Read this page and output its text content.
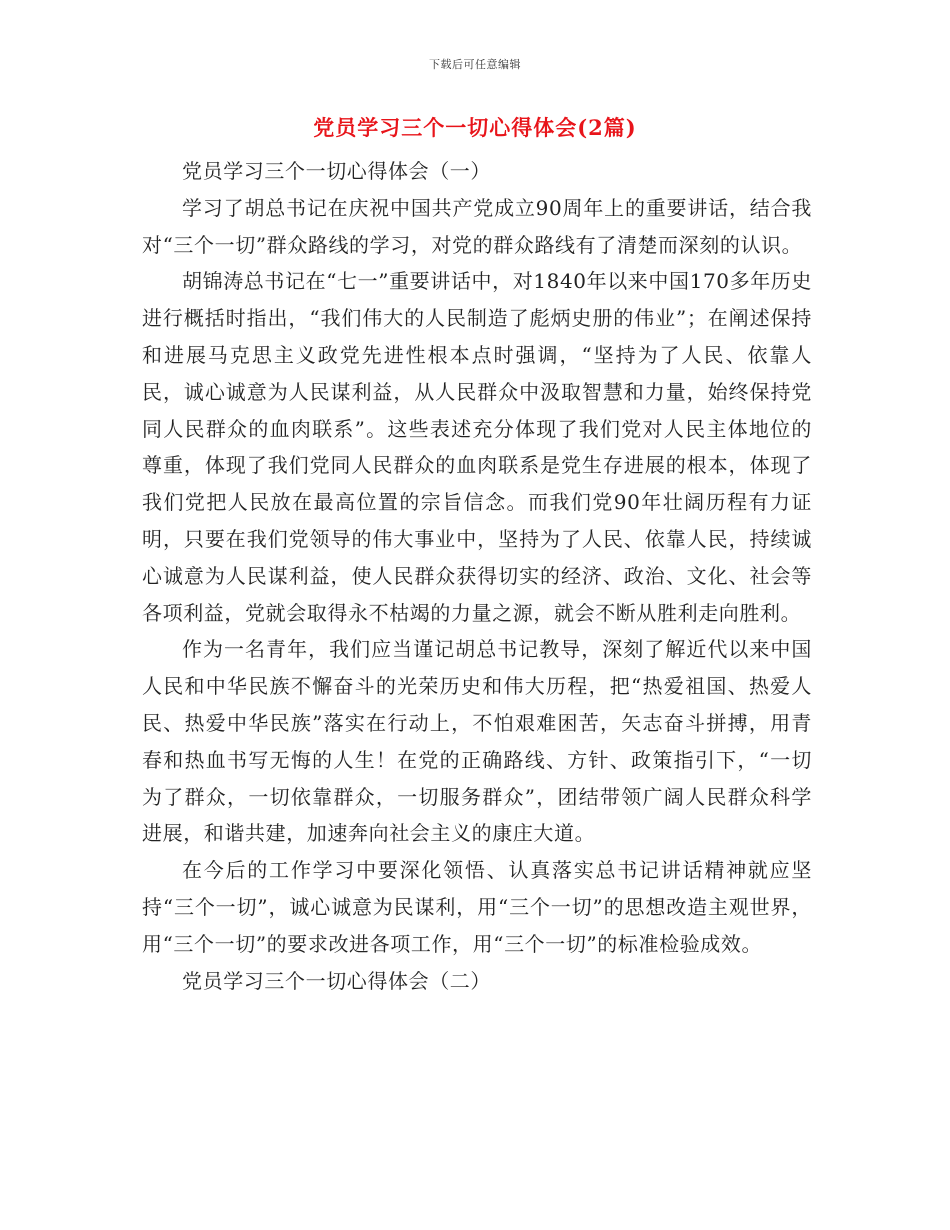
下载后可任意编辑
党员学习三个一切心得体会(2篇)

党员学习三个一切心得体会（一）

学习了胡总书记在庆祝中国共产党成立90周年上的重要讲话，结合我对“三个一切”群众路线的学习，对党的群众路线有了清楚而深刻的认识。

胡锦涛总书记在“七一”重要讲话中，对1840年以来中国170多年历史进行概括时指出，“我们伟大的人民制造了彪炳史册的伟业”；在阐述保持和进展马克思主义政党先进性根本点时强调，“坚持为了人民、依靠人民，诚心诚意为人民谋利益，从人民群众中汲取智慧和力量，始终保持党同人民群众的血肉联系”。这些表述充分体现了我们党对人民主体地位的尊重，体现了我们党同人民群众的血肉联系是党生存进展的根本，体现了我们党把人民放在最高位置的宗旨信念。而我们党90年壮阔历程有力证明，只要在我们党领导的伟大事业中，坚持为了人民、依靠人民，持续诚心诚意为人民谋利益，使人民群众获得切实的经济、政治、文化、社会等各项利益，党就会取得永不枯竭的力量之源，就会不断从胜利走向胜利。

作为一名青年，我们应当谨记胡总书记教导，深刻了解近代以来中国人民和中华民族不懈奋斗的光荣历史和伟大历程，把“热爱祖国、热爱人民、热爱中华民族”落实在行动上，不怕艰难困苦，矢志奋斗拼搏，用青春和热血书写无悔的人生！在党的正确路线、方针、政策指引下，“一切为了群众，一切依靠群众，一切服务群众”，团结带领广阔人民群众科学进展，和谐共建，加速奔向社会主义的康庄大道。

在今后的工作学习中要深化领悟、认真落实总书记讲话精神就应坚持“三个一切”，诚心诚意为民谋利，用“三个一切”的思想改造主观世界，用“三个一切”的要求改进各项工作，用“三个一切”的标准检验成效。

党员学习三个一切心得体会（二）
